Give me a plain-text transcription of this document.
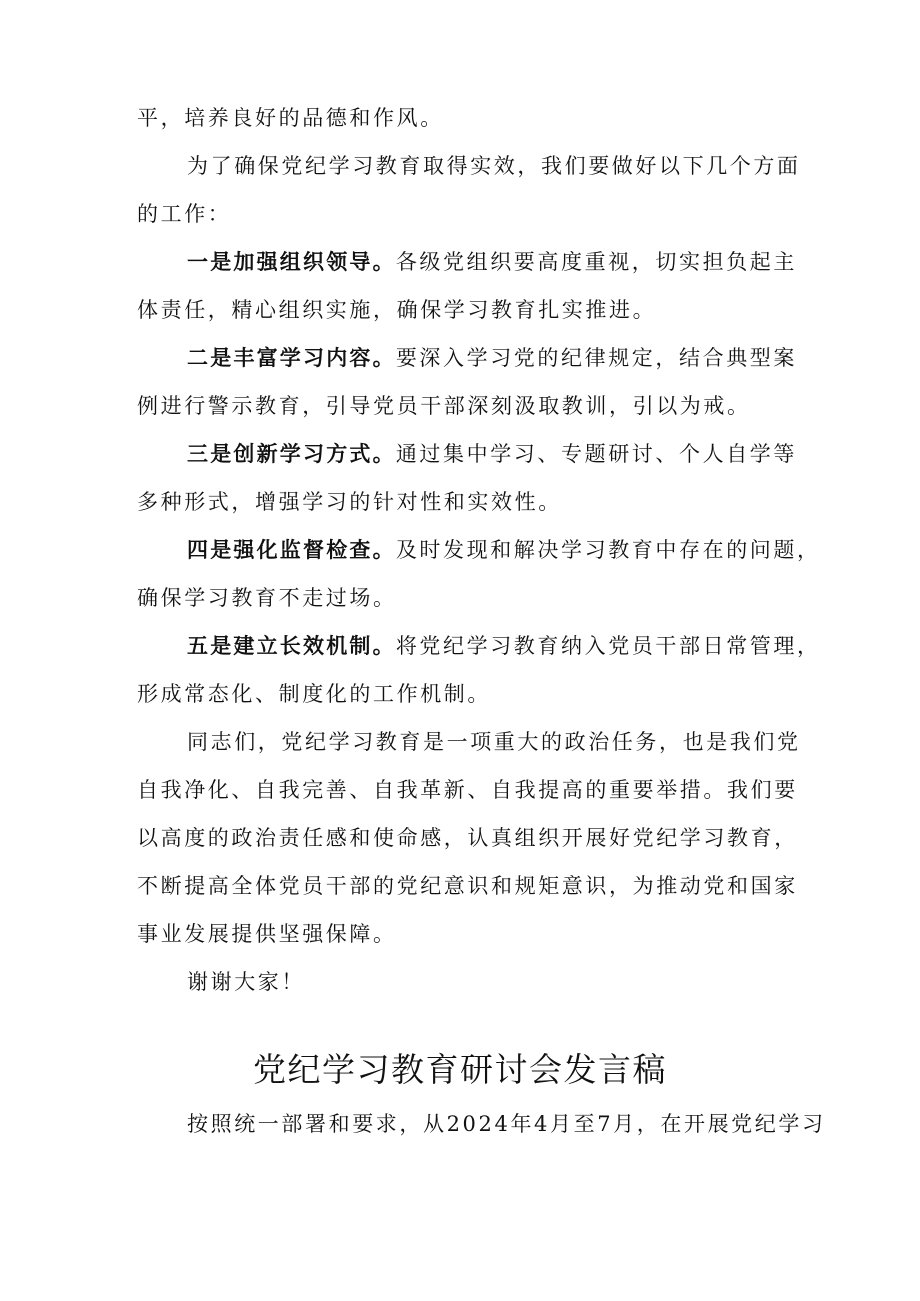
平，培养良好的品德和作风。
为了确保党纪学习教育取得实效，我们要做好以下几个方面
的工作：
一是加强组织领导。各级党组织要高度重视，切实担负起主
体责任，精心组织实施，确保学习教育扎实推进。
二是丰富学习内容。要深入学习党的纪律规定，结合典型案
例进行警示教育，引导党员干部深刻汲取教训，引以为戒。
三是创新学习方式。通过集中学习、专题研讨、个人自学等
多种形式，增强学习的针对性和实效性。
四是强化监督检查。及时发现和解决学习教育中存在的问题，
确保学习教育不走过场。
五是建立长效机制。将党纪学习教育纳入党员干部日常管理，
形成常态化、制度化的工作机制。
同志们，党纪学习教育是一项重大的政治任务，也是我们党
自我净化、自我完善、自我革新、自我提高的重要举措。我们要
以高度的政治责任感和使命感，认真组织开展好党纪学习教育，
不断提高全体党员干部的党纪意识和规矩意识，为推动党和国家
事业发展提供坚强保障。
谢谢大家！
党纪学习教育研讨会发言稿
按照统一部署和要求，从2024年4月至7月，在开展党纪学习
